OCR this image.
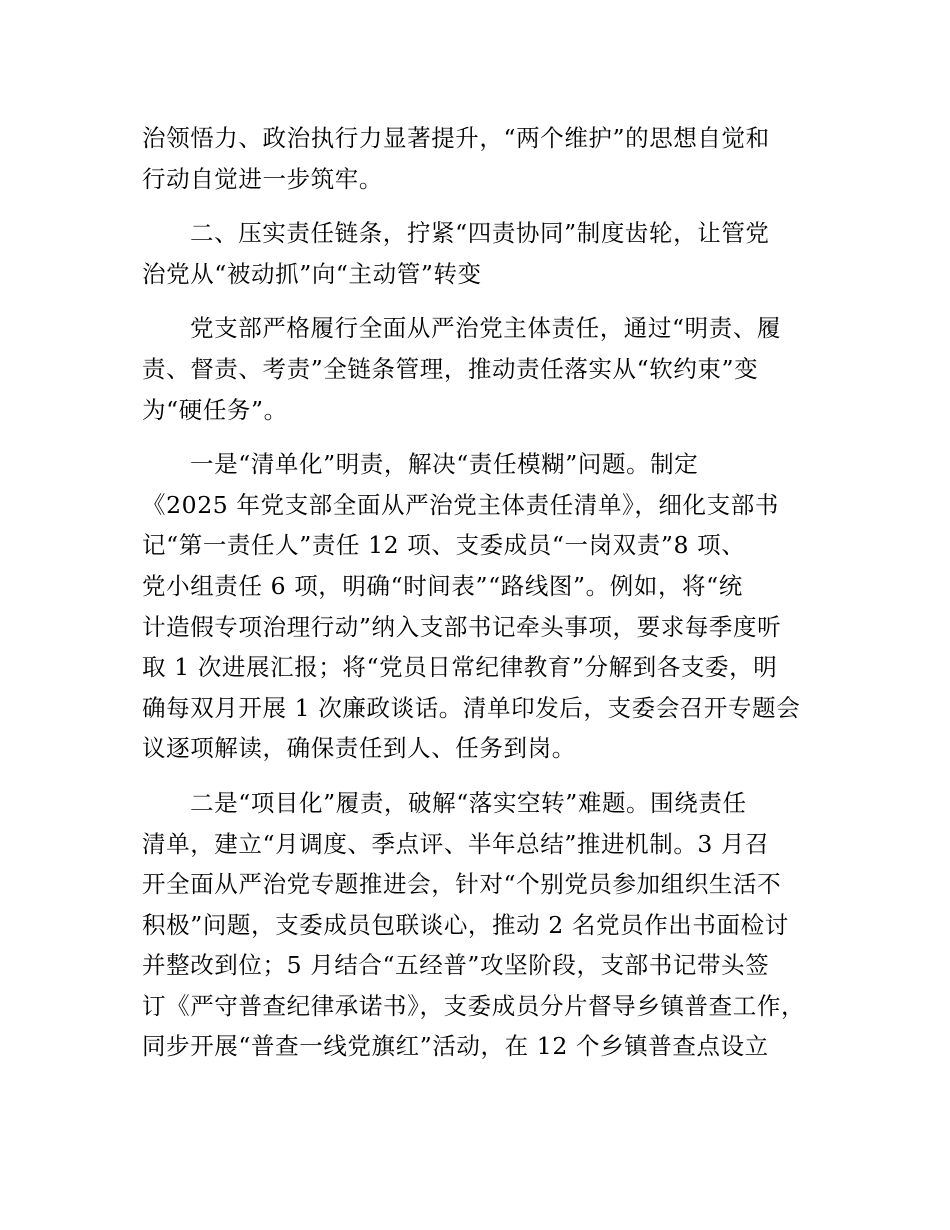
治领悟力、政治执行力显著提升，“两个维护”的思想自觉和
行动自觉进一步筑牢。
二、压实责任链条，拧紧“四责协同”制度齿轮，让管党
治党从“被动抓”向“主动管”转变
党支部严格履行全面从严治党主体责任，通过“明责、履
责、督责、考责”全链条管理，推动责任落实从“软约束”变
为“硬任务”。
一是“清单化”明责，解决“责任模糊”问题。制定
《2025 年党支部全面从严治党主体责任清单》，细化支部书
记“第一责任人”责任 12 项、支委成员“一岗双责”8 项、
党小组责任 6 项，明确“时间表”“路线图”。例如，将“统
计造假专项治理行动”纳入支部书记牵头事项，要求每季度听
取 1 次进展汇报；将“党员日常纪律教育”分解到各支委，明
确每双月开展 1 次廉政谈话。清单印发后，支委会召开专题会
议逐项解读，确保责任到人、任务到岗。
二是“项目化”履责，破解“落实空转”难题。围绕责任
清单，建立“月调度、季点评、半年总结”推进机制。3 月召
开全面从严治党专题推进会，针对“个别党员参加组织生活不
积极”问题，支委成员包联谈心，推动 2 名党员作出书面检讨
并整改到位；5 月结合“五经普”攻坚阶段，支部书记带头签
订《严守普查纪律承诺书》，支委成员分片督导乡镇普查工作，
同步开展“普查一线党旗红”活动，在 12 个乡镇普查点设立
